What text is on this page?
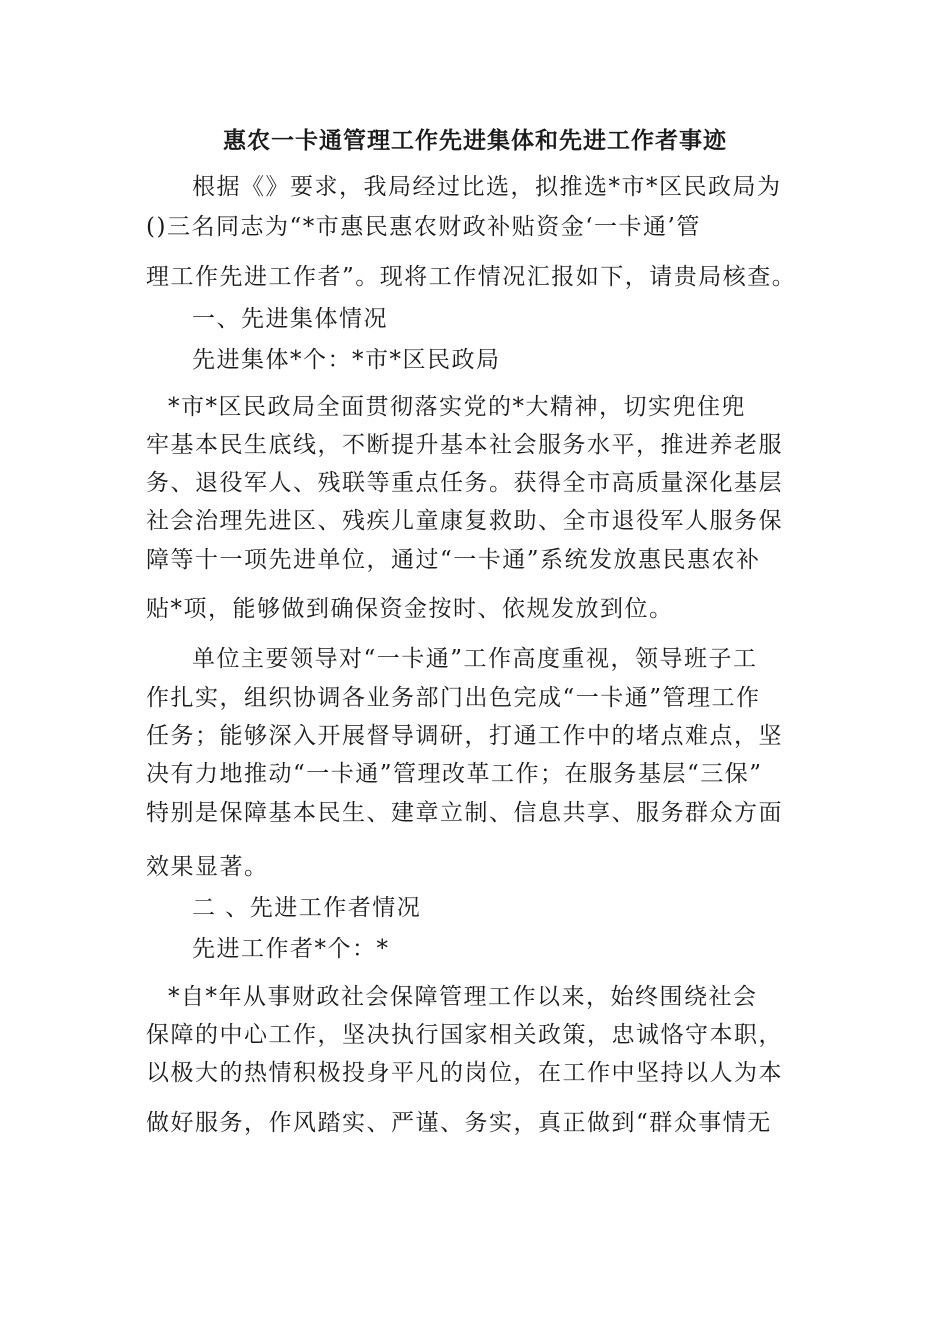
惠农一卡通管理工作先进集体和先进工作者事迹
根据《》要求，我局经过比选，拟推选*市*区民政局为
()三名同志为“*市惠民惠农财政补贴资金‘一卡通’管
理工作先进工作者”。现将工作情况汇报如下，请贵局核查。
一、先进集体情况
先进集体*个：*市*区民政局
*市*区民政局全面贯彻落实党的*大精神，切实兜住兜
牢基本民生底线，不断提升基本社会服务水平，推进养老服
务、退役军人、残联等重点任务。获得全市高质量深化基层
社会治理先进区、残疾儿童康复救助、全市退役军人服务保
障等十一项先进单位，通过“一卡通”系统发放惠民惠农补
贴*项，能够做到确保资金按时、依规发放到位。
单位主要领导对“一卡通”工作高度重视，领导班子工
作扎实，组织协调各业务部门出色完成“一卡通”管理工作
任务；能够深入开展督导调研，打通工作中的堵点难点，坚
决有力地推动“一卡通”管理改革工作；在服务基层“三保”
特别是保障基本民生、建章立制、信息共享、服务群众方面
效果显著。
二 、先进工作者情况
先进工作者*个：*
*自*年从事财政社会保障管理工作以来，始终围绕社会
保障的中心工作，坚决执行国家相关政策，忠诚恪守本职，
以极大的热情积极投身平凡的岗位，在工作中坚持以人为本
做好服务，作风踏实、严谨、务实，真正做到“群众事情无
